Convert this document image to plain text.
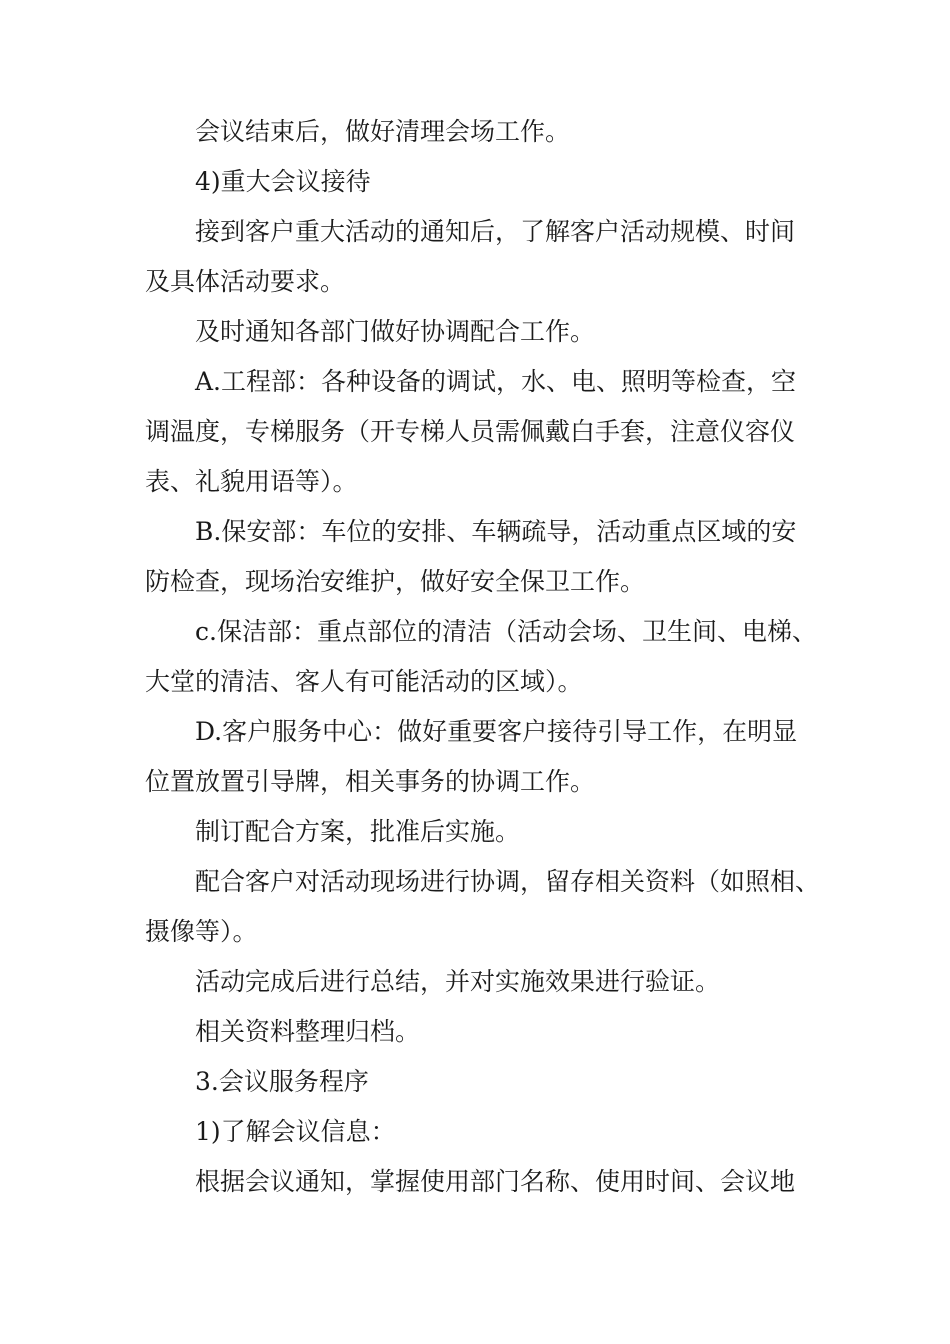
会议结束后，做好清理会场工作。
4)重大会议接待
接到客户重大活动的通知后，了解客户活动规模、时间
及具体活动要求。
及时通知各部门做好协调配合工作。
A.工程部：各种设备的调试，水、电、照明等检查，空
调温度，专梯服务（开专梯人员需佩戴白手套，注意仪容仪
表、礼貌用语等）。
B.保安部：车位的安排、车辆疏导，活动重点区域的安
防检查，现场治安维护，做好安全保卫工作。
c.保洁部：重点部位的清洁（活动会场、卫生间、电梯、
大堂的清洁、客人有可能活动的区域）。
D.客户服务中心：做好重要客户接待引导工作，在明显
位置放置引导牌，相关事务的协调工作。
制订配合方案，批准后实施。
配合客户对活动现场进行协调，留存相关资料（如照相、
摄像等）。
活动完成后进行总结，并对实施效果进行验证。
相关资料整理归档。
3.会议服务程序
1)了解会议信息：
根据会议通知，掌握使用部门名称、使用时间、会议地
